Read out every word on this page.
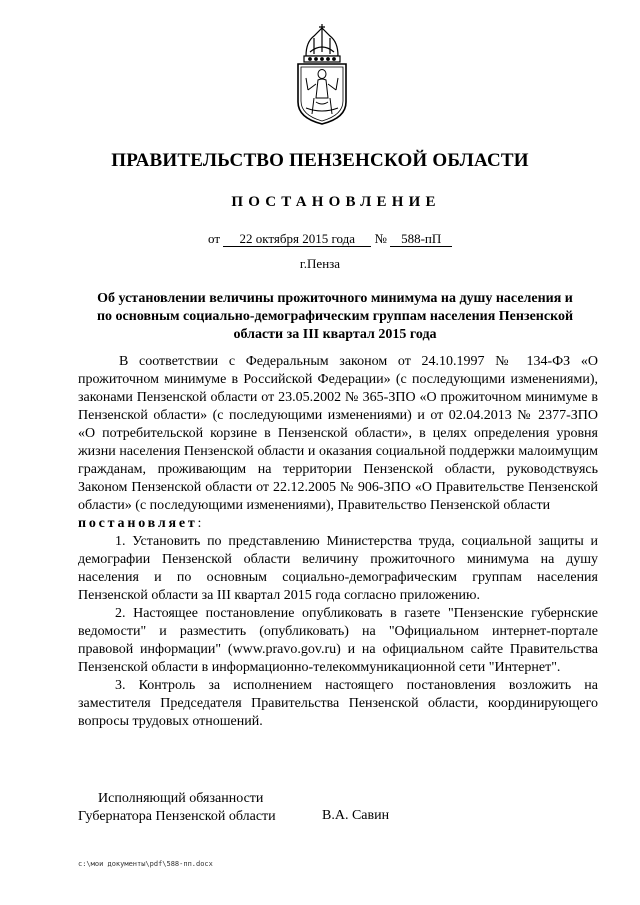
ПРАВИТЕЛЬСТВО ПЕНЗЕНСКОЙ ОБЛАСТИ
ПОСТАНОВЛЕНИЕ
от 22 октября 2015 года № 588-пП
г.Пенза
Об установлении величины прожиточного минимума на душу населения и по основным социально-демографическим группам населения Пензенской области за III квартал 2015 года

В соответствии с Федеральным законом от 24.10.1997 № 134-ФЗ «О прожиточном минимуме в Российской Федерации» (с последующими изменениями), законами Пензенской области от 23.05.2002 № 365-ЗПО «О прожиточном минимуме в Пензенской области» (с последующими изменениями) и от 02.04.2013 № 2377-ЗПО «О потребительской корзине в Пензенской области», в целях определения уровня жизни населения Пензенской области и оказания социальной поддержки малоимущим гражданам, проживающим на территории Пензенской области, руководствуясь Законом Пензенской области от 22.12.2005 № 906-ЗПО «О Правительстве Пензенской области» (с последующими изменениями), Правительство Пензенской области

постановляет:

1. Установить по представлению Министерства труда, социальной защиты и демографии Пензенской области величину прожиточного минимума на душу населения и по основным социально-демографическим группам населения Пензенской области за III квартал 2015 года согласно приложению.

2. Настоящее постановление опубликовать в газете "Пензенские губернские ведомости" и разместить (опубликовать) на "Официальном интернет-портале правовой информации" (www.pravo.gov.ru) и на официальном сайте Правительства Пензенской области в информационно-телекоммуникационной сети "Интернет".

3. Контроль за исполнением настоящего постановления возложить на заместителя Председателя Правительства Пензенской области, координирующего вопросы трудовых отношений.

Исполняющий обязанности
Губернатора Пензенской области	В.А. Савин
c:\мои документы\pdf\588-пп.docx
